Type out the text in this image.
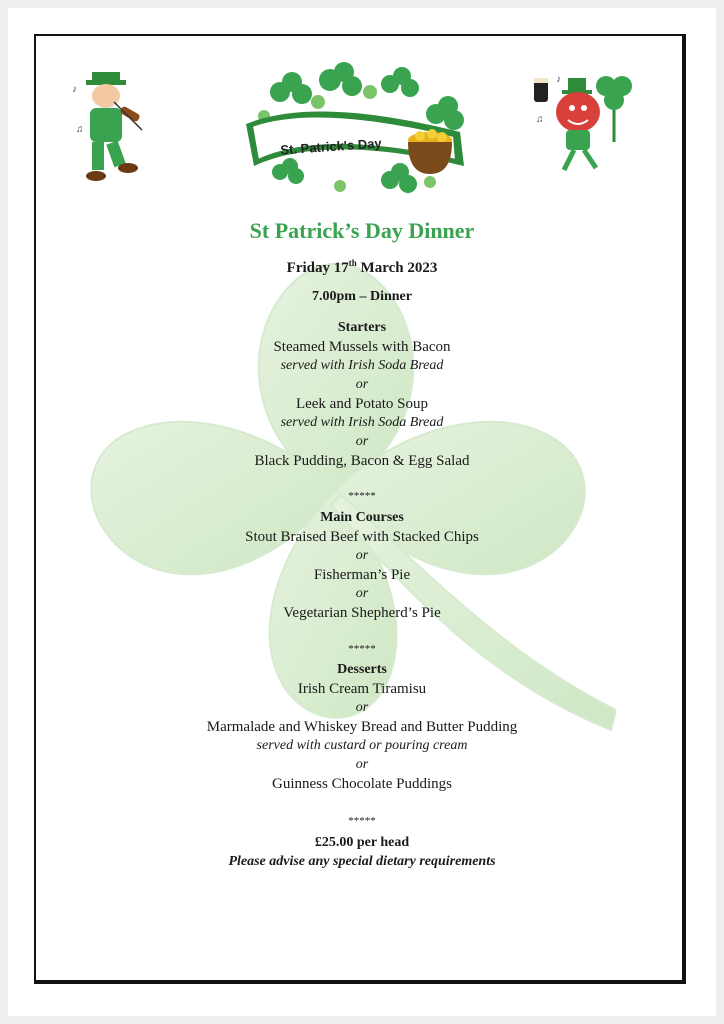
♪
♫
St. Patrick's Day
♪
♫
St Patrick’s Day Dinner
Friday 17th March 2023
7.00pm – Dinner
Starters
Steamed Mussels with Bacon
served with Irish Soda Bread
or
Leek and Potato Soup
served with Irish Soda Bread
or
Black Pudding, Bacon & Egg Salad
*****
Main Courses
Stout Braised Beef with Stacked Chips
or
Fisherman’s Pie
or
Vegetarian Shepherd’s Pie
*****
Desserts
Irish Cream Tiramisu
or
Marmalade and Whiskey Bread and Butter Pudding
served with custard or pouring cream
or
Guinness Chocolate Puddings
*****
£25.00 per head
Please advise any special dietary requirements
